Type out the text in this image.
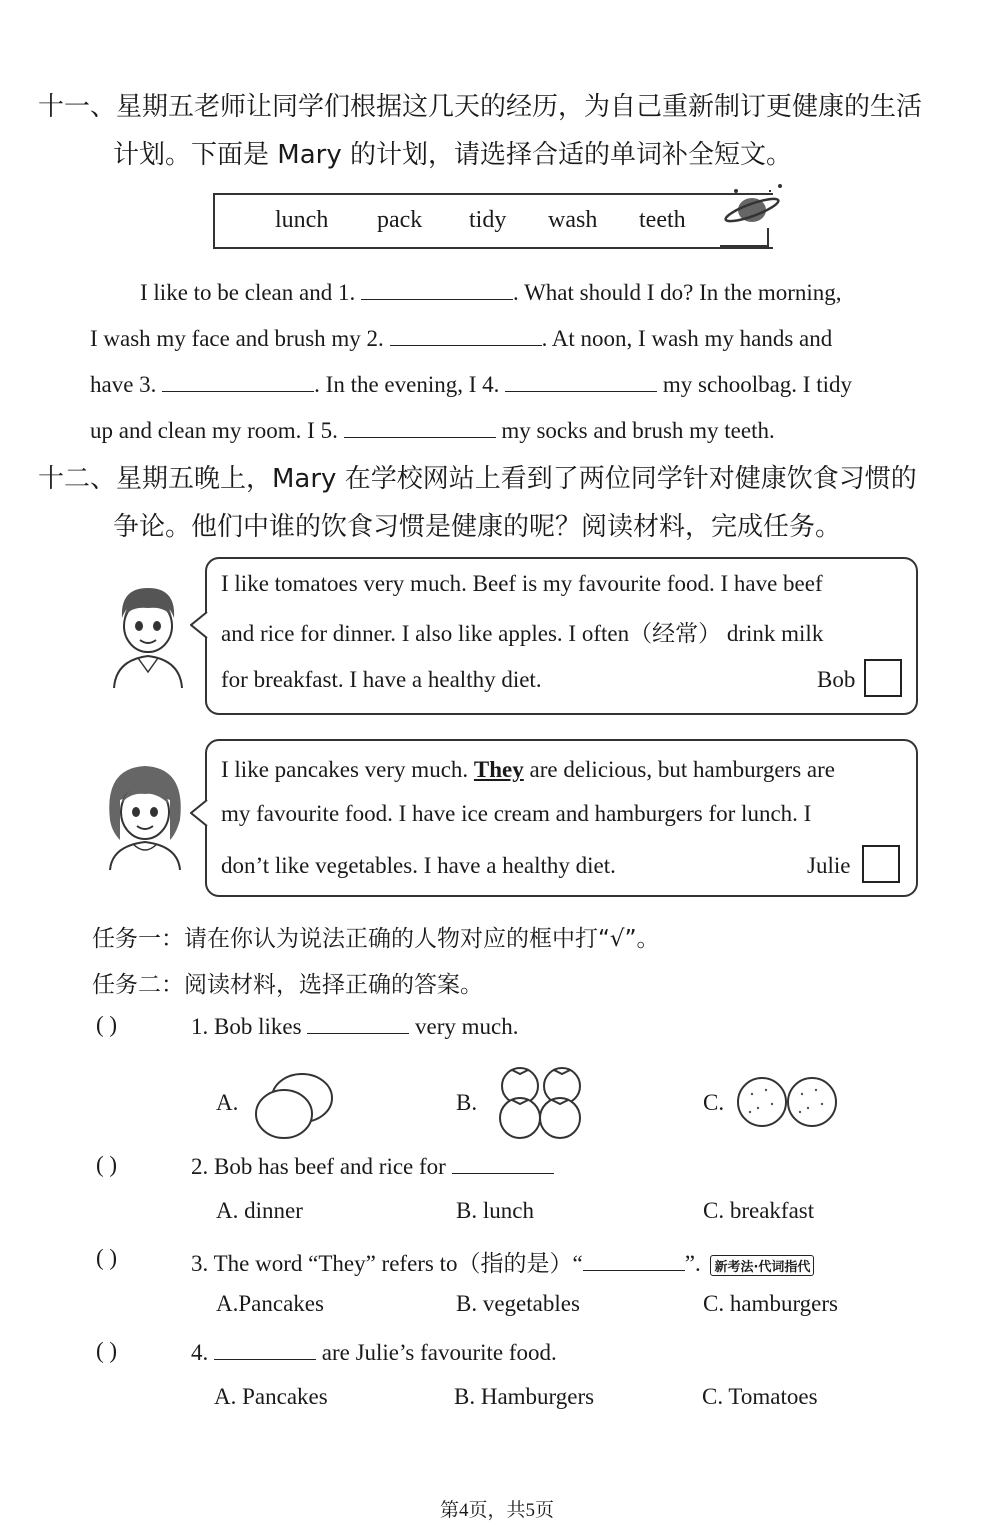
十一、星期五老师让同学们根据这几天的经历，为自己重新制订更健康的生活
计划。下面是 Mary 的计划，请选择合适的单词补全短文。
lunch pack tidy wash teeth
I like to be clean and 1.	. What should I do? In the morning,
I wash my face and brush my 2.	. At noon, I wash my hands and
have 3.	. In the evening, I 4.	my schoolbag. I tidy
up and clean my room. I 5.	my socks and brush my teeth.
十二、星期五晚上，Mary 在学校网站上看到了两位同学针对健康饮食习惯的
争论。他们中谁的饮食习惯是健康的呢？阅读材料，完成任务。
I like tomatoes very much. Beef is my favourite food. I have beef
and rice for dinner. I also like apples. I often（经常） drink milk
for breakfast. I have a healthy diet.	Bob
I like pancakes very much. They are delicious, but hamburgers are
my favourite food. I have ice cream and hamburgers for lunch. I
don’t like vegetables. I have a healthy diet.	Julie
任务一：请在你认为说法正确的人物对应的框中打“√”。
任务二：阅读材料，选择正确的答案。
( )	1. Bob likes	very much.
A.	B.	C.
( )	2. Bob has beef and rice for
A. dinner	B. lunch	C. breakfast
( )	3. The word “They” refers to（指的是）“	”. 新考法·代词指代
A.Pancakes	B. vegetables	C. hamburgers
( )	4.	are Julie’s favourite food.
A. Pancakes	B. Hamburgers	C. Tomatoes
第4页，共5页
